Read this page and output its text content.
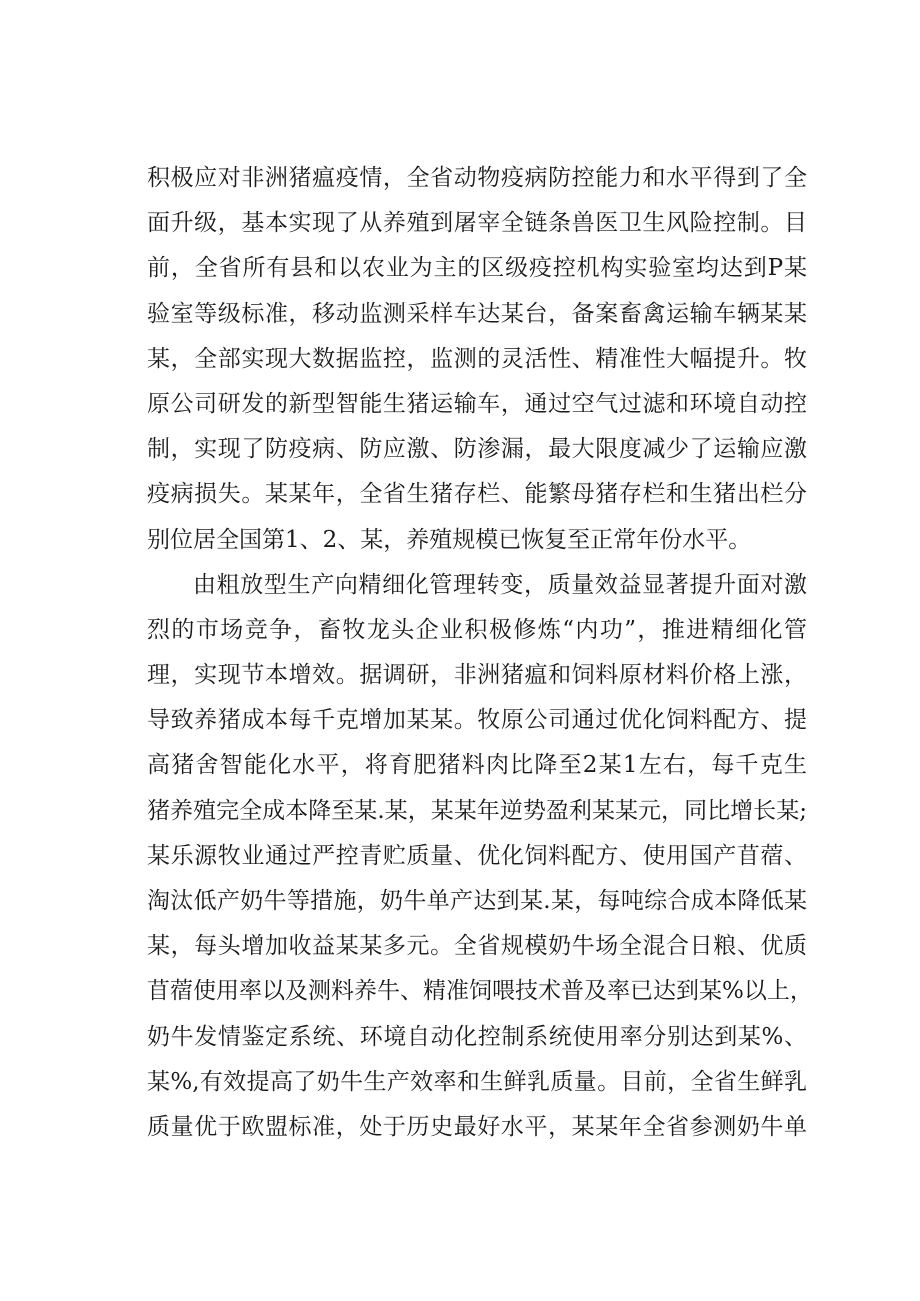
积极应对非洲猪瘟疫情，全省动物疫病防控能力和水平得到了全
面升级，基本实现了从养殖到屠宰全链条兽医卫生风险控制。目
前，全省所有县和以农业为主的区级疫控机构实验室均达到P某
验室等级标准，移动监测采样车达某台，备案畜禽运输车辆某某
某，全部实现大数据监控，监测的灵活性、精准性大幅提升。牧
原公司研发的新型智能生猪运输车，通过空气过滤和环境自动控
制，实现了防疫病、防应激、防渗漏，最大限度减少了运输应激
疫病损失。某某年，全省生猪存栏、能繁母猪存栏和生猪出栏分
别位居全国第1、2、某，养殖规模已恢复至正常年份水平。
由粗放型生产向精细化管理转变，质量效益显著提升面对激
烈的市场竞争，畜牧龙头企业积极修炼“内功”，推进精细化管
理，实现节本增效。据调研，非洲猪瘟和饲料原材料价格上涨，
导致养猪成本每千克增加某某。牧原公司通过优化饲料配方、提
高猪舍智能化水平，将育肥猪料肉比降至2某1左右，每千克生
猪养殖完全成本降至某.某，某某年逆势盈利某某元，同比增长某;
某乐源牧业通过严控青贮质量、优化饲料配方、使用国产苜蓿、
淘汰低产奶牛等措施，奶牛单产达到某.某，每吨综合成本降低某
某，每头增加收益某某多元。全省规模奶牛场全混合日粮、优质
苜蓿使用率以及测料养牛、精准饲喂技术普及率已达到某%以上，
奶牛发情鉴定系统、环境自动化控制系统使用率分别达到某%、
某%,有效提高了奶牛生产效率和生鲜乳质量。目前，全省生鲜乳
质量优于欧盟标准，处于历史最好水平，某某年全省参测奶牛单
